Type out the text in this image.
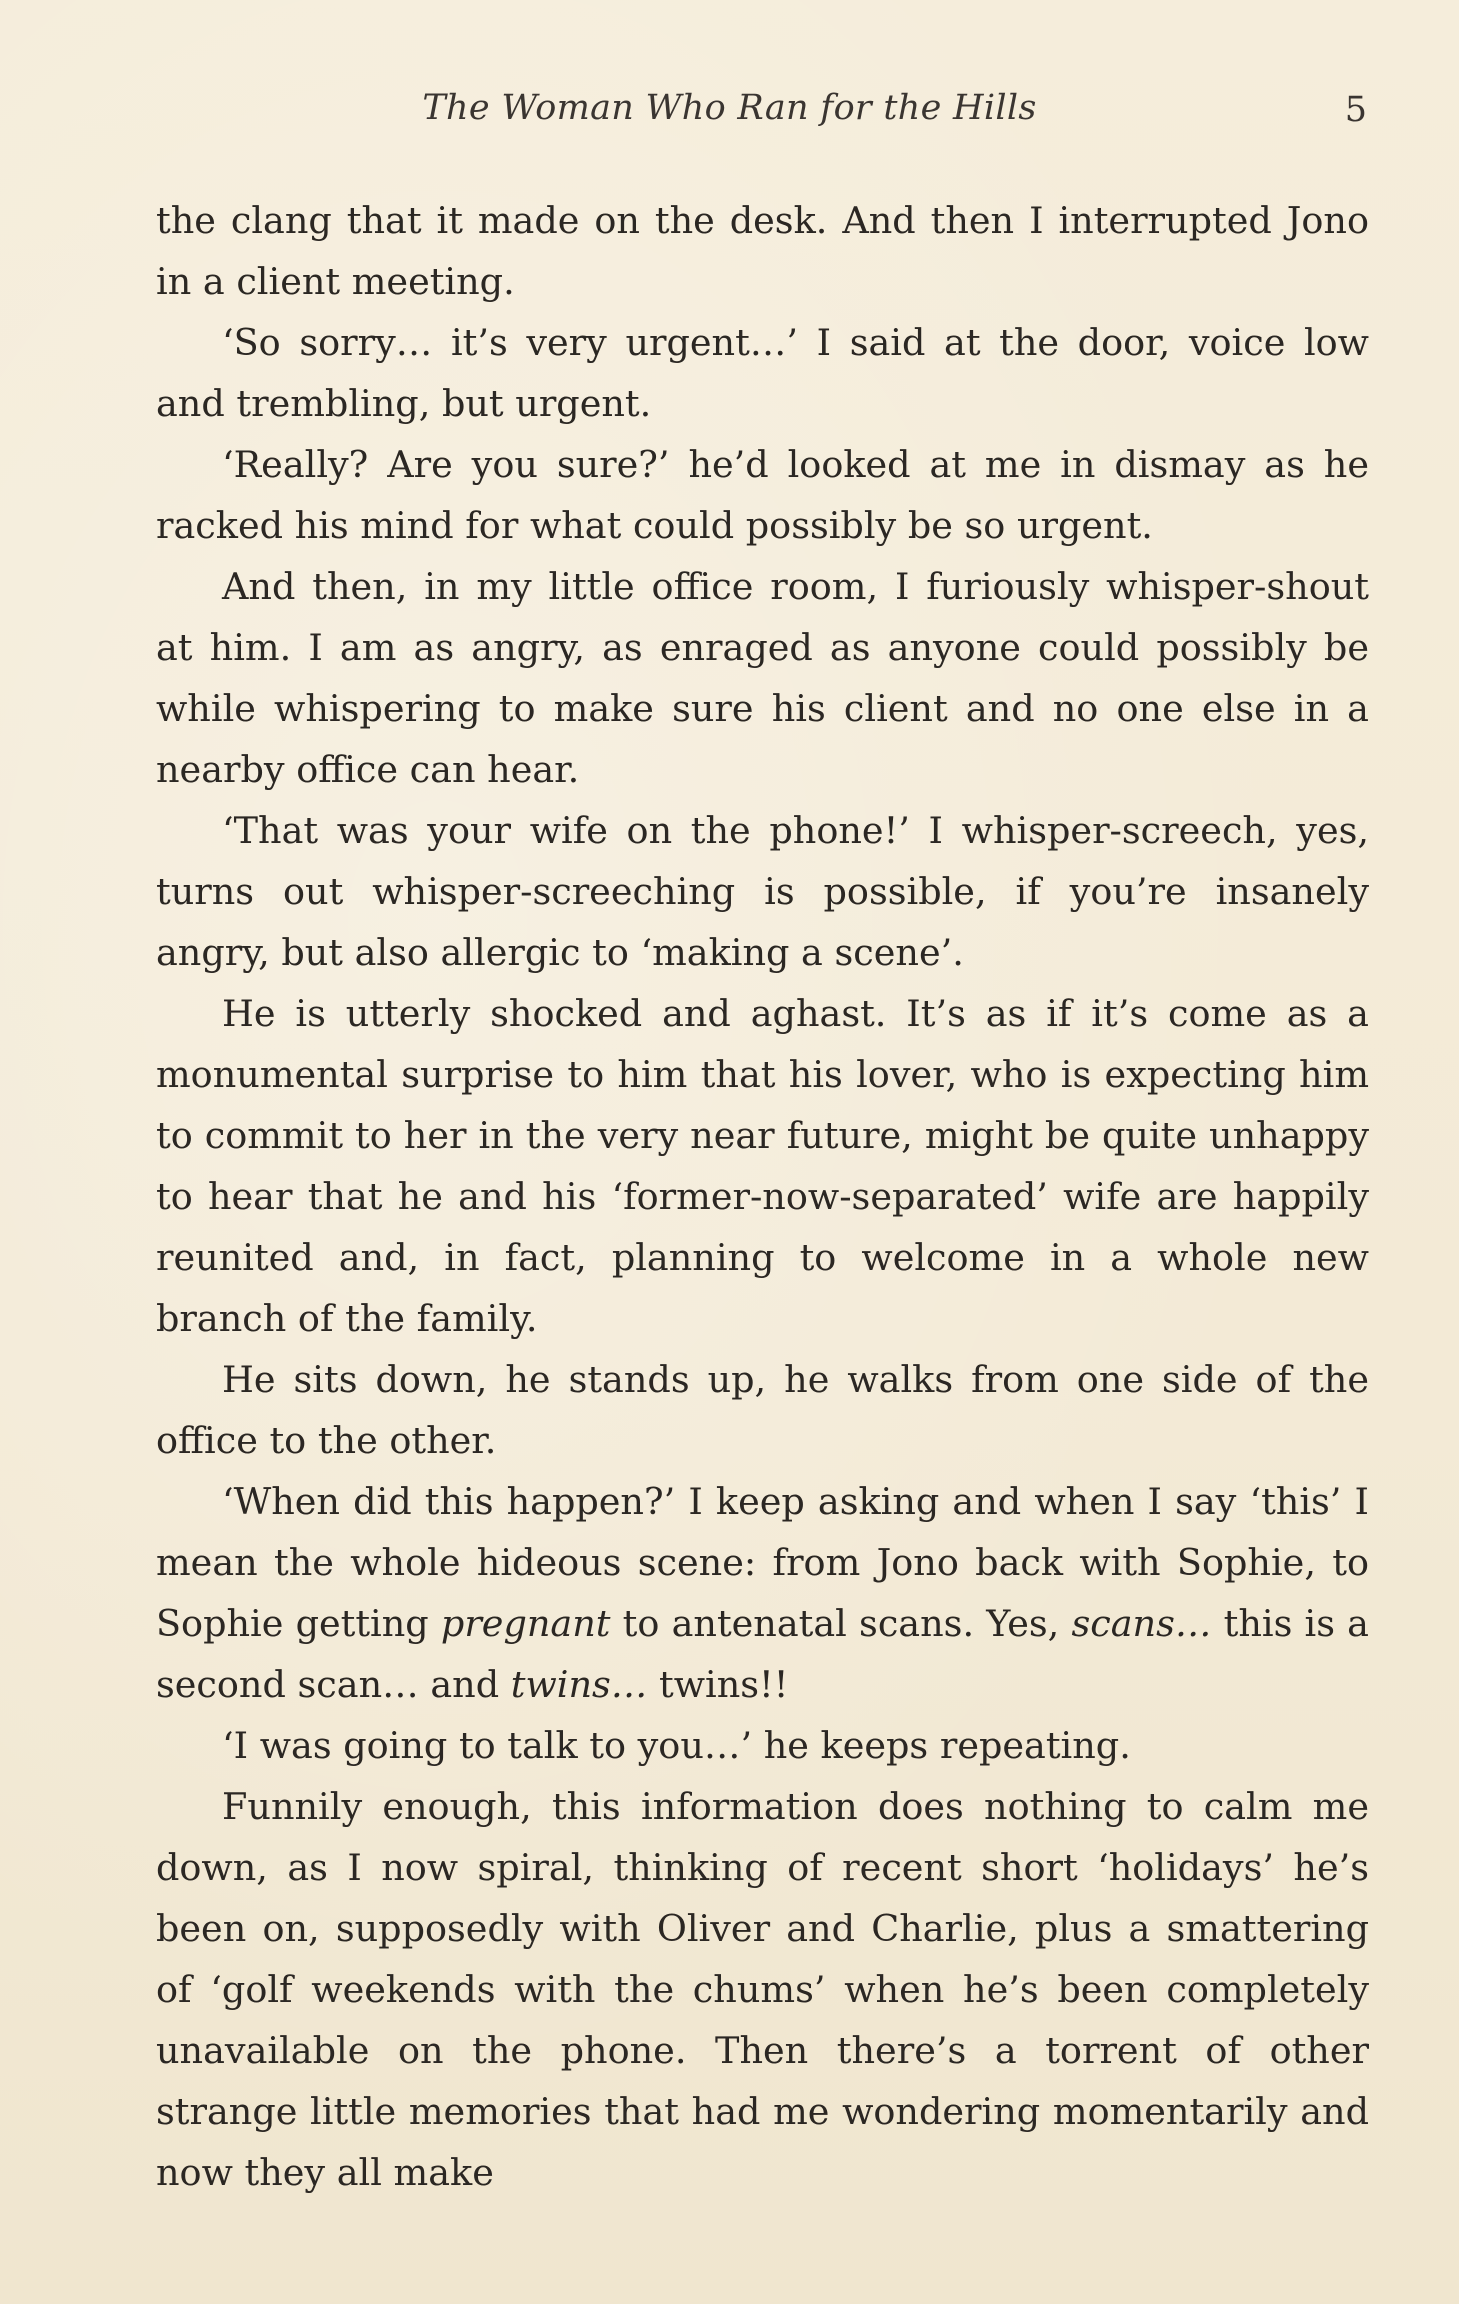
The Woman Who Ran for the Hills	5

the clang that it made on the desk. And then I interrupted Jono in a client meeting.

‘So sorry… it’s very urgent…’ I said at the door, voice low and trembling, but urgent.

‘Really? Are you sure?’ he’d looked at me in dismay as he racked his mind for what could possibly be so urgent.

And then, in my little office room, I furiously whisper-shout at him. I am as angry, as enraged as anyone could possibly be while whispering to make sure his client and no one else in a nearby office can hear.

‘That was your wife on the phone!’ I whisper-screech, yes, turns out whisper-screeching is possible, if you’re insanely angry, but also allergic to ‘making a scene’.

He is utterly shocked and aghast. It’s as if it’s come as a monumental surprise to him that his lover, who is expecting him to commit to her in the very near future, might be quite unhappy to hear that he and his ‘former-now-separated’ wife are happily reunited and, in fact, planning to welcome in a whole new branch of the family.

He sits down, he stands up, he walks from one side of the office to the other.

‘When did this happen?’ I keep asking and when I say ‘this’ I mean the whole hideous scene: from Jono back with Sophie, to Sophie getting pregnant to antenatal scans. Yes, scans… this is a second scan… and twins… twins!!

‘I was going to talk to you…’ he keeps repeating.

Funnily enough, this information does nothing to calm me down, as I now spiral, thinking of recent short ‘holidays’ he’s been on, supposedly with Oliver and Charlie, plus a smattering of ‘golf weekends with the chums’ when he’s been completely unavailable on the phone. Then there’s a torrent of other strange little memories that had me wondering momentarily and now they all make
